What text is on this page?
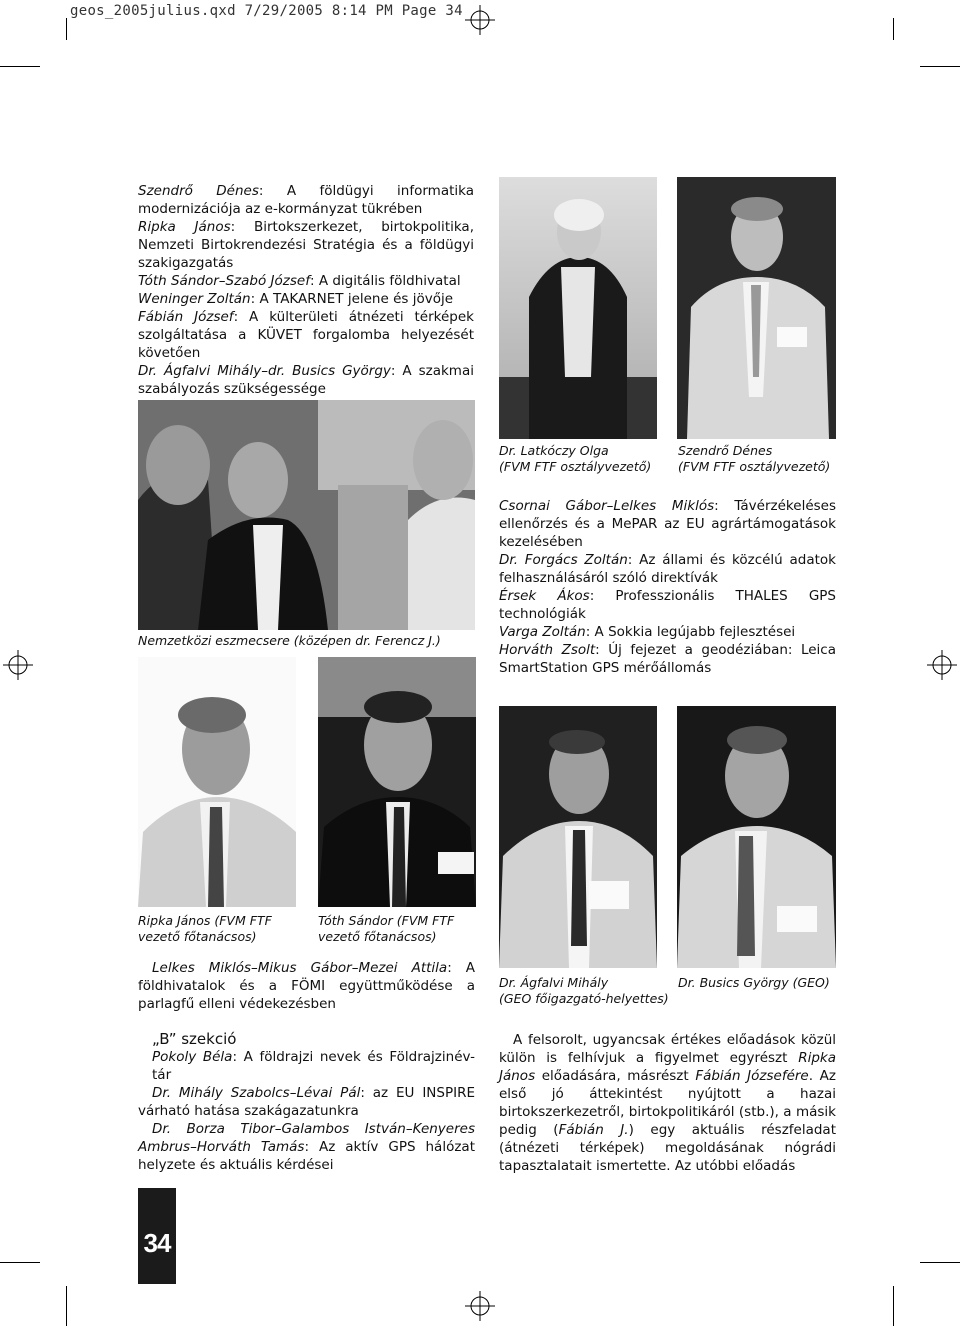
geos_2005julius.qxd 7/29/2005 8:14 PM Page 34

Szendrő Dénes: A földügyi informatika modernizációja az e-kormányzat tükrében

Ripka János: Birtokszerkezet, birtokpolitika, Nemzeti Birtokrendezési Stratégia és a földügyi szakigazgatás

Tóth Sándor–Szabó József: A digitális földhivatal

Weninger Zoltán: A TAKARNET jelene és jövője

Fábián József: A külterületi átnézeti térképek szolgáltatása a KÜVET forgalomba helyezését követően

Dr. Ágfalvi Mihály–dr. Busics György: A szakmai szabályozás szükségessége

Dr. Latkóczy Olga
(FVM FTF osztályvezető)
Szendrő Dénes
(FVM FTF osztályvezető)
Nemzetközi eszmecsere (középen dr. Ferencz J.)

Csornai Gábor–Lelkes Miklós: Távérzékeléses ellenőrzés és a MePAR az EU agrártámogatások kezelésében

Dr. Forgács Zoltán: Az állami és közcélú adatok felhasználásáról szóló direktívák

Érsek Ákos: Professzionális THALES GPS technológiák

Varga Zoltán: A Sokkia legújabb fejlesztései

Horváth Zsolt: Új fejezet a geodéziában: Leica SmartStation GPS mérőállomás

Ripka János (FVM FTF
vezető főtanácsos)
Tóth Sándor (FVM FTF
vezető főtanácsos)
Dr. Ágfalvi Mihály
(GEO főigazgató-helyettes)
Dr. Busics György (GEO)

Lelkes Miklós–Mikus Gábor–Mezei Attila: A földhivatalok és a FÖMI együttműködése a parlagfű elleni védekezésben

„B” szekció

Pokoly Béla: A földrajzi nevek és Földrajzinév-tár

Dr. Mihály Szabolcs–Lévai Pál: az EU INSPIRE várható hatása szakágazatunkra

Dr. Borza Tibor–Galambos István–Kenyeres Ambrus–Horváth Tamás: Az aktív GPS hálózat helyzete és aktuális kérdései

A felsorolt, ugyancsak értékes előadások közül külön is felhívjuk a figyelmet egyrészt Ripka János előadására, másrészt Fábián Józsefére. Az első jó áttekintést nyújtott a hazai birtokszerkezetről, birtokpolitikáról (stb.), a másik pedig (Fábián J.) egy aktuális részfeladat (átnézeti térképek) megoldásának nógrádi tapasztalatait ismertette. Az utóbbi előadás

34
